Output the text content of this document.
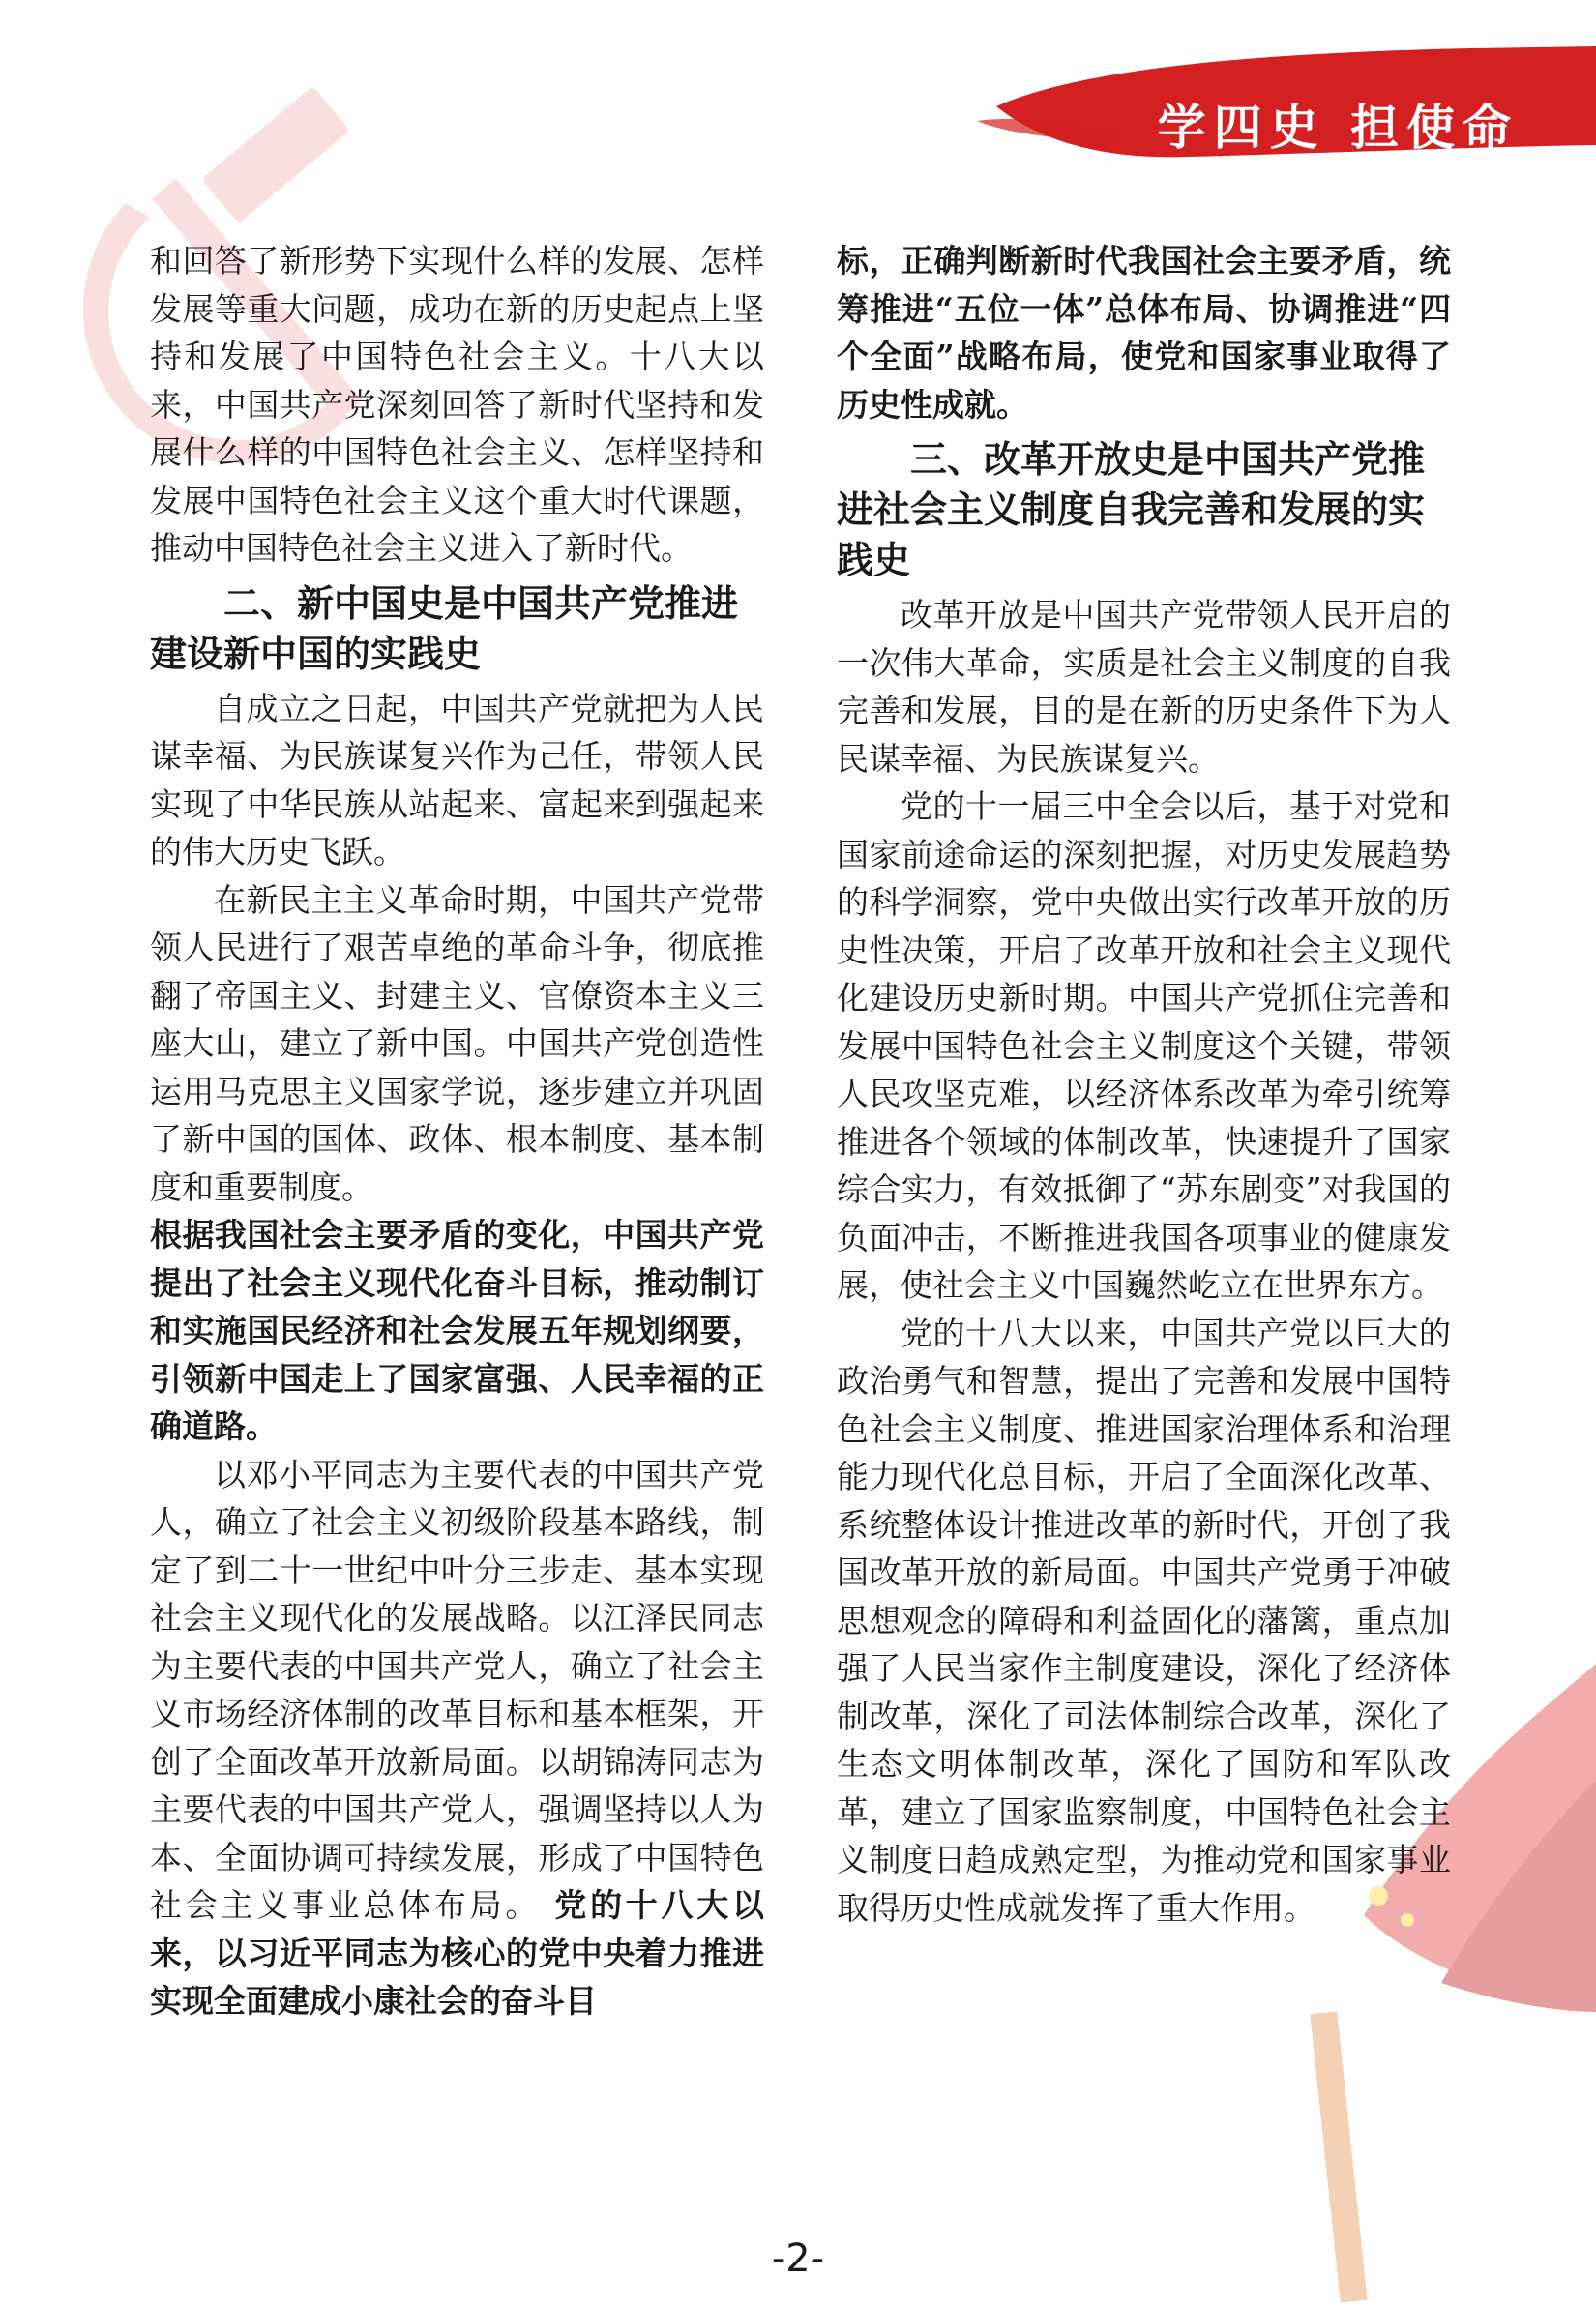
学四史 担使命

和回答了新形势下实现什么样的发展、怎样发展等重大问题，成功在新的历史起点上坚持和发展了中国特色社会主义。十八大以来，中国共产党深刻回答了新时代坚持和发展什么样的中国特色社会主义、怎样坚持和发展中国特色社会主义这个重大时代课题，推动中国特色社会主义进入了新时代。

二、新中国史是中国共产党推进建设新中国的实践史

自成立之日起，中国共产党就把为人民谋幸福、为民族谋复兴作为己任，带领人民实现了中华民族从站起来、富起来到强起来的伟大历史飞跃。

在新民主主义革命时期，中国共产党带领人民进行了艰苦卓绝的革命斗争，彻底推翻了帝国主义、封建主义、官僚资本主义三座大山，建立了新中国。中国共产党创造性运用马克思主义国家学说，逐步建立并巩固了新中国的国体、政体、根本制度、基本制度和重要制度。

根据我国社会主要矛盾的变化，中国共产党提出了社会主义现代化奋斗目标，推动制订和实施国民经济和社会发展五年规划纲要，引领新中国走上了国家富强、人民幸福的正确道路。

以邓小平同志为主要代表的中国共产党人，确立了社会主义初级阶段基本路线，制定了到二十一世纪中叶分三步走、基本实现社会主义现代化的发展战略。以江泽民同志为主要代表的中国共产党人，确立了社会主义市场经济体制的改革目标和基本框架，开创了全面改革开放新局面。以胡锦涛同志为主要代表的中国共产党人，强调坚持以人为本、全面协调可持续发展，形成了中国特色社会主义事业总体布局。 党的十八大以来，以习近平同志为核心的党中央着力推进实现全面建成小康社会的奋斗目

标，正确判断新时代我国社会主要矛盾，统筹推进“五位一体”总体布局、协调推进“四个全面”战略布局，使党和国家事业取得了历史性成就。

三、改革开放史是中国共产党推进社会主义制度自我完善和发展的实践史

改革开放是中国共产党带领人民开启的一次伟大革命，实质是社会主义制度的自我完善和发展，目的是在新的历史条件下为人民谋幸福、为民族谋复兴。

党的十一届三中全会以后，基于对党和国家前途命运的深刻把握，对历史发展趋势的科学洞察，党中央做出实行改革开放的历史性决策，开启了改革开放和社会主义现代化建设历史新时期。中国共产党抓住完善和发展中国特色社会主义制度这个关键，带领人民攻坚克难，以经济体系改革为牵引统筹推进各个领域的体制改革，快速提升了国家综合实力，有效抵御了“苏东剧变”对我国的负面冲击，不断推进我国各项事业的健康发展，使社会主义中国巍然屹立在世界东方。

党的十八大以来，中国共产党以巨大的政治勇气和智慧，提出了完善和发展中国特色社会主义制度、推进国家治理体系和治理能力现代化总目标，开启了全面深化改革、系统整体设计推进改革的新时代，开创了我国改革开放的新局面。中国共产党勇于冲破思想观念的障碍和利益固化的藩篱，重点加强了人民当家作主制度建设，深化了经济体制改革，深化了司法体制综合改革，深化了生态文明体制改革，深化了国防和军队改革，建立了国家监察制度，中国特色社会主义制度日趋成熟定型，为推动党和国家事业取得历史性成就发挥了重大作用。

-2-
